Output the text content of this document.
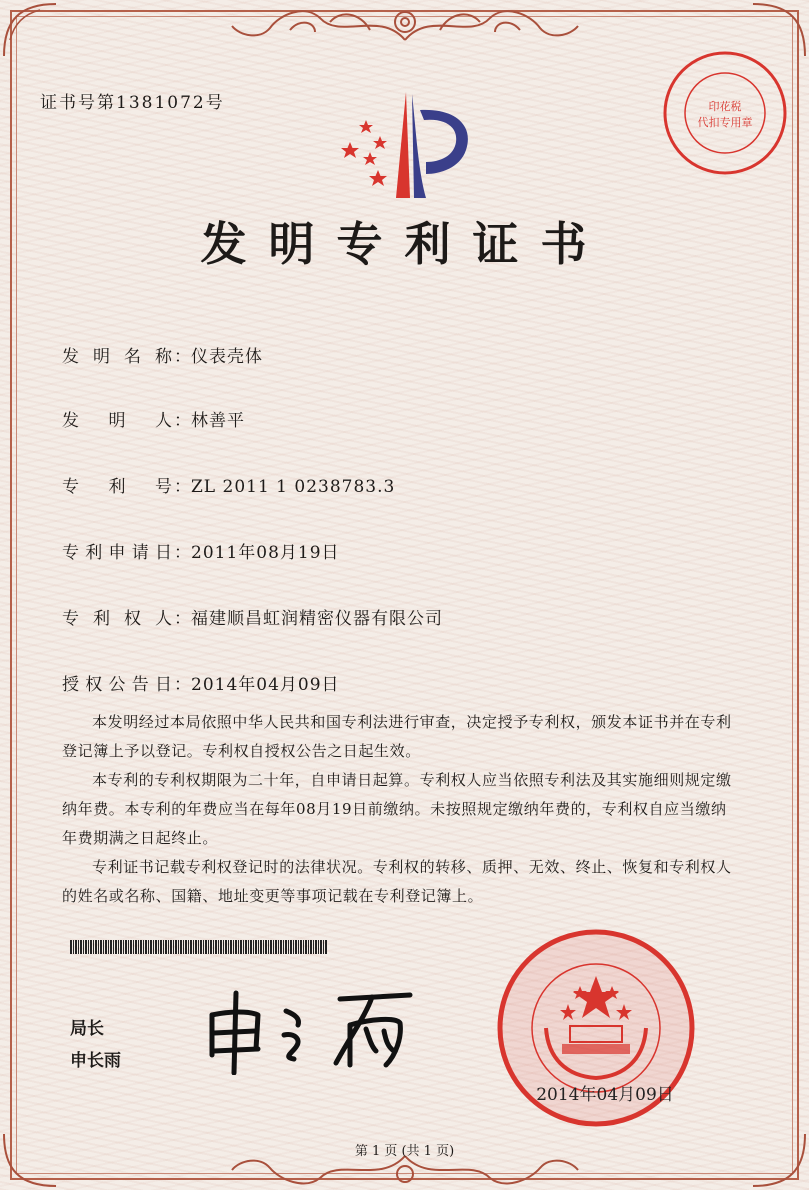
证书号第1381072号	印花税
代扣专用章
发明专利证书
发明名称：仪表壳体
发明人：林善平
专利号：ZL 2011 1 0238783.3
专利申请日：2011年08月19日
专利权人：福建顺昌虹润精密仪器有限公司
授权公告日：2014年04月09日

本发明经过本局依照中华人民共和国专利法进行审查，决定授予专利权，颁发本证书并在专利登记簿上予以登记。专利权自授权公告之日起生效。

本专利的专利权期限为二十年，自申请日起算。专利权人应当依照专利法及其实施细则规定缴纳年费。本专利的年费应当在每年08月19日前缴纳。未按照规定缴纳年费的，专利权自应当缴纳年费期满之日起终止。

专利证书记载专利权登记时的法律状况。专利权的转移、质押、无效、终止、恢复和专利权人的姓名或名称、国籍、地址变更等事项记载在专利登记簿上。

局长
申长雨
2014年04月09日
第 1 页 (共 1 页)
